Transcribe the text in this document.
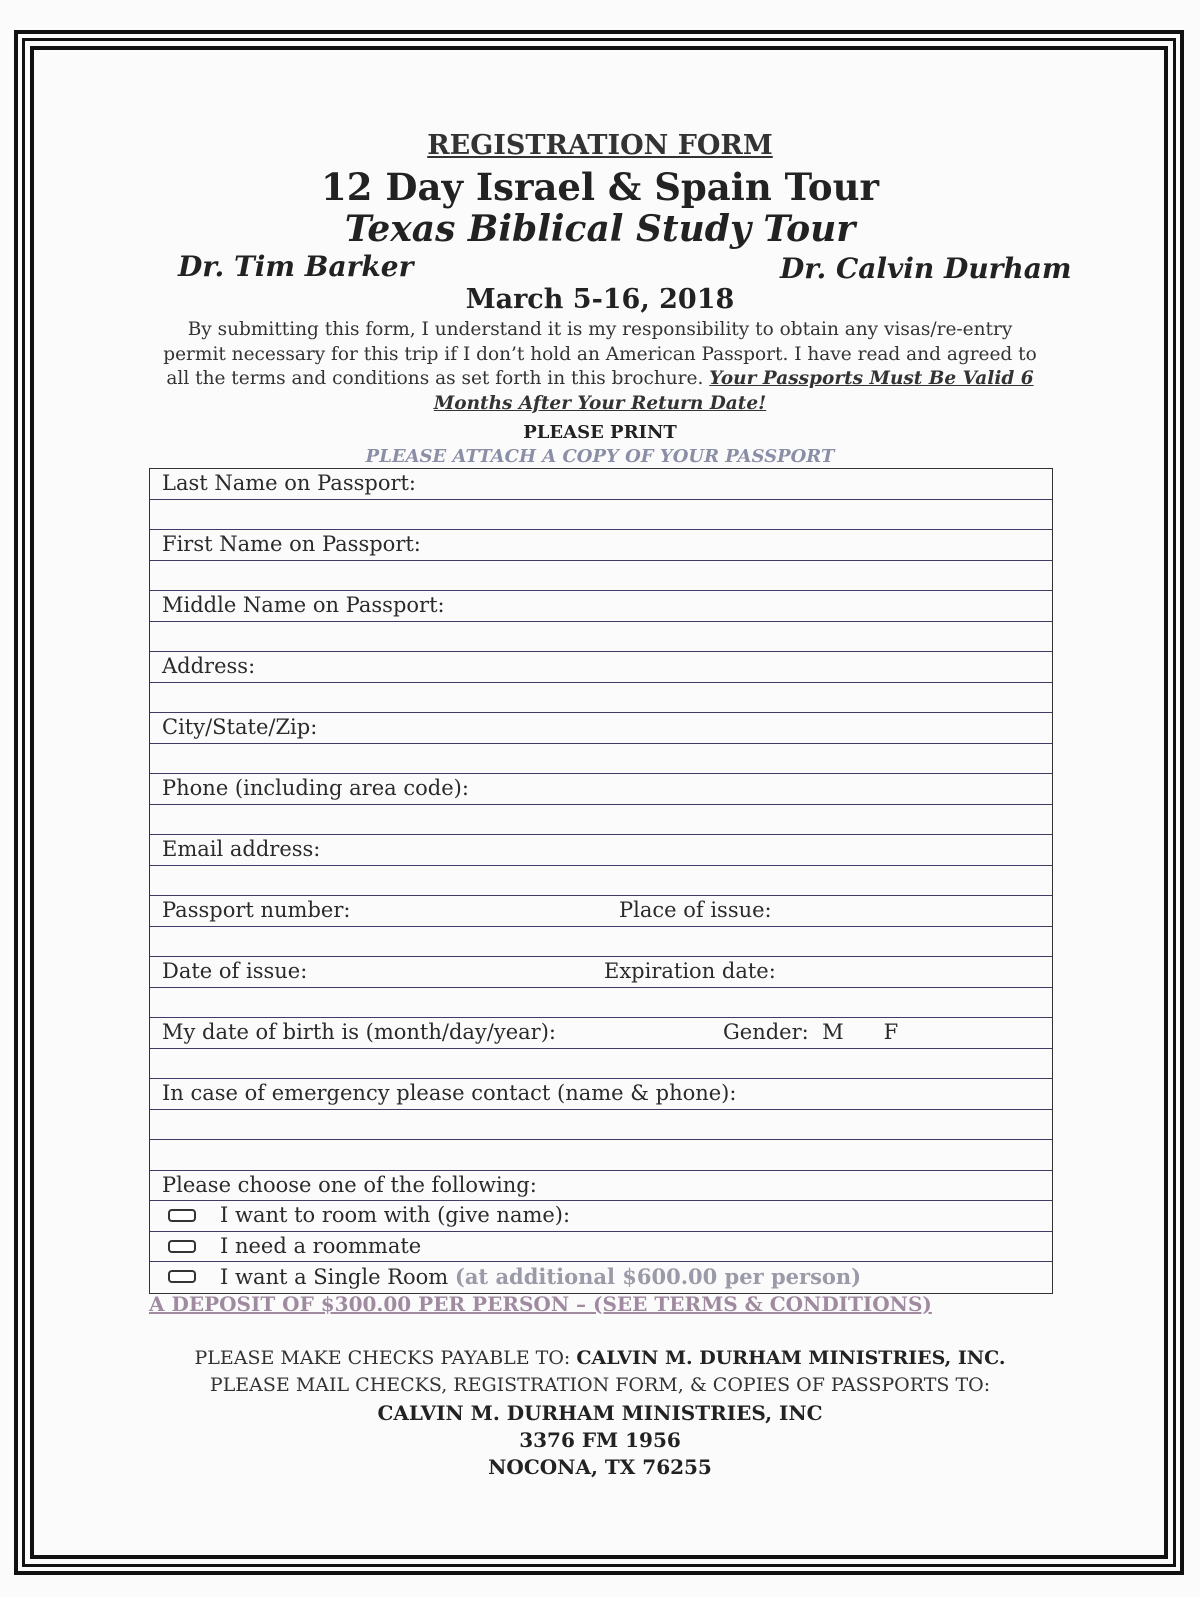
REGISTRATION FORM
12 Day Israel & Spain Tour
Texas Biblical Study Tour
Dr. Tim Barker	Dr. Calvin Durham
March 5-16, 2018
By submitting this form, I understand it is my responsibility to obtain any visas/re-entry permit necessary for this trip if I don’t hold an American Passport. I have read and agreed to all the terms and conditions as set forth in this brochure. Your Passports Must Be Valid 6 Months After Your Return Date!
PLEASE PRINT
PLEASE ATTACH A COPY OF YOUR PASSPORT
Last Name on Passport:
First Name on Passport:
Middle Name on Passport:
Address:
City/State/Zip:
Phone (including area code):
Email address:
Passport number:	Place of issue:
Date of issue:	Expiration date:
My date of birth is (month/day/year):	Gender:  M      F
In case of emergency please contact (name & phone):
Please choose one of the following:
I want to room with (give name):
I need a roommate
I want a Single Room (at additional $600.00 per person)
A DEPOSIT OF $300.00 PER PERSON – (SEE TERMS & CONDITIONS)
PLEASE MAKE CHECKS PAYABLE TO: CALVIN M. DURHAM MINISTRIES, INC.
PLEASE MAIL CHECKS, REGISTRATION FORM, & COPIES OF PASSPORTS TO:
CALVIN M. DURHAM MINISTRIES, INC
3376 FM 1956
NOCONA, TX 76255
